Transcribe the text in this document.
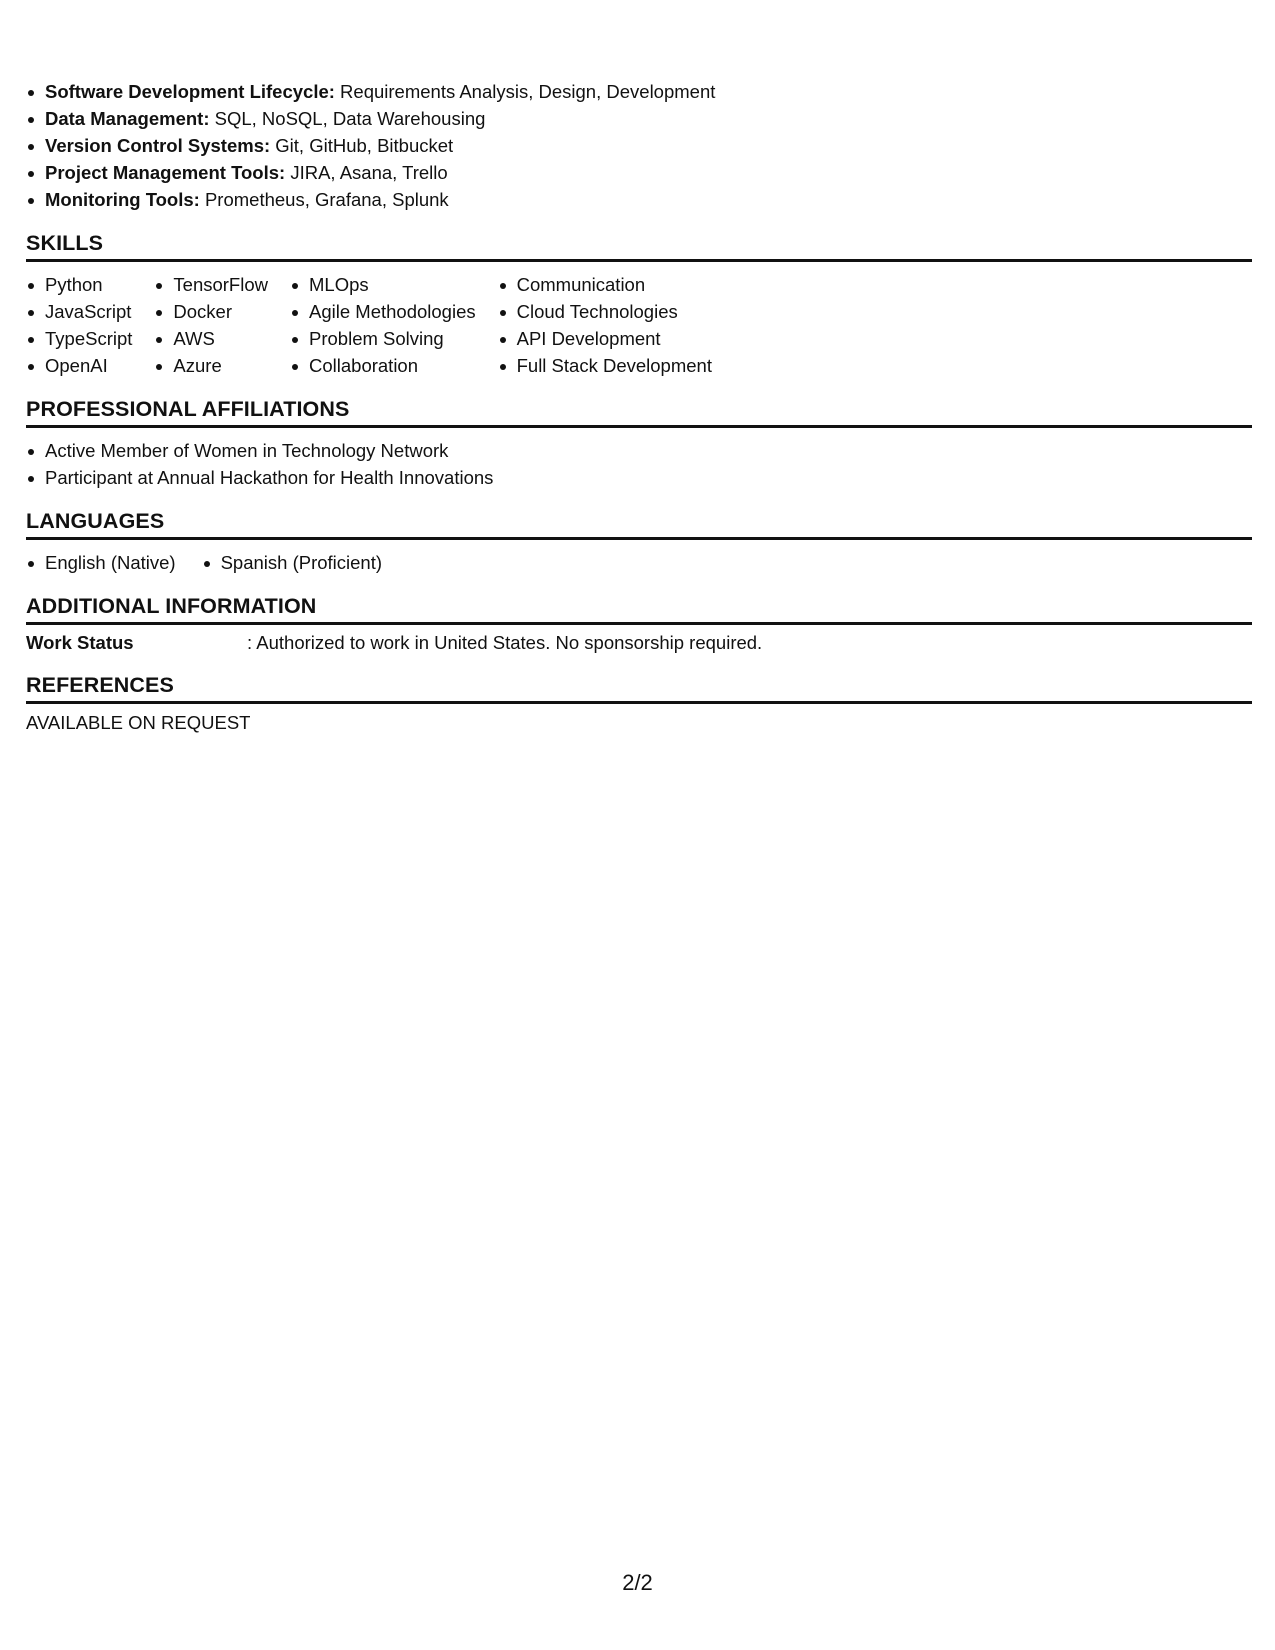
Software Development Lifecycle: Requirements Analysis, Design, Development
Data Management: SQL, NoSQL, Data Warehousing
Version Control Systems: Git, GitHub, Bitbucket
Project Management Tools: JIRA, Asana, Trello
Monitoring Tools: Prometheus, Grafana, Splunk
SKILLS
Python
JavaScript
TypeScript
OpenAI
TensorFlow
Docker
AWS
Azure
MLOps
Agile Methodologies
Problem Solving
Collaboration
Communication
Cloud Technologies
API Development
Full Stack Development
PROFESSIONAL AFFILIATIONS
Active Member of Women in Technology Network
Participant at Annual Hackathon for Health Innovations
LANGUAGES
English (Native)	Spanish (Proficient)
ADDITIONAL INFORMATION
Work Status	: Authorized to work in United States. No sponsorship required.
REFERENCES
AVAILABLE ON REQUEST
2/2
